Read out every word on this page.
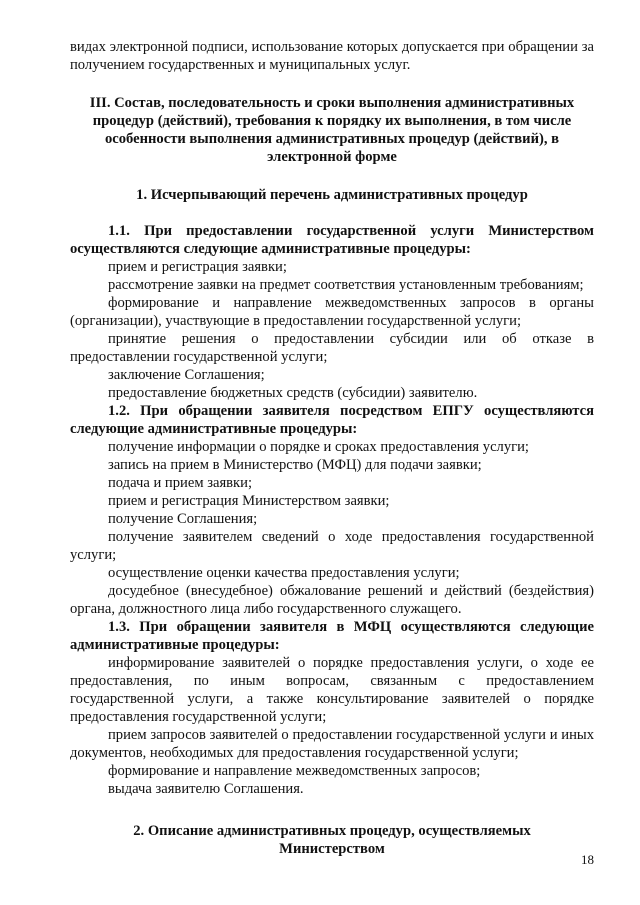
видах электронной подписи, использование которых допускается при обращении за получением государственных и муниципальных услуг.

III. Состав, последовательность и сроки выполнения административных процедур (действий), требования к порядку их выполнения, в том числе особенности выполнения административных процедур (действий), в электронной форме

1. Исчерпывающий перечень административных процедур

1.1. При предоставлении государственной услуги Министерством осуществляются следующие административные процедуры:

прием и регистрация заявки;

рассмотрение заявки на предмет соответствия установленным требованиям;

формирование и направление межведомственных запросов в органы (организации), участвующие в предоставлении государственной услуги;

принятие решения о предоставлении субсидии или об отказе в предоставлении государственной услуги;

заключение Соглашения;

предоставление бюджетных средств (субсидии) заявителю.

1.2. При обращении заявителя посредством ЕПГУ осуществляются следующие административные процедуры:

получение информации о порядке и сроках предоставления услуги;

запись на прием в Министерство (МФЦ) для подачи заявки;

подача и прием заявки;

прием и регистрация Министерством заявки;

получение Соглашения;

получение заявителем сведений о ходе предоставления государственной услуги;

осуществление оценки качества предоставления услуги;

досудебное (внесудебное) обжалование решений и действий (бездействия) органа, должностного лица либо государственного служащего.

1.3. При обращении заявителя в МФЦ осуществляются следующие административные процедуры:

информирование заявителей о порядке предоставления услуги, о ходе ее предоставления, по иным вопросам, связанным с предоставлением государственной услуги, а также консультирование заявителей о порядке предоставления государственной услуги;

прием запросов заявителей о предоставлении государственной услуги и иных документов, необходимых для предоставления государственной услуги;

формирование и направление межведомственных запросов;

выдача заявителю Соглашения.

2. Описание административных процедур, осуществляемых
Министерством

18
